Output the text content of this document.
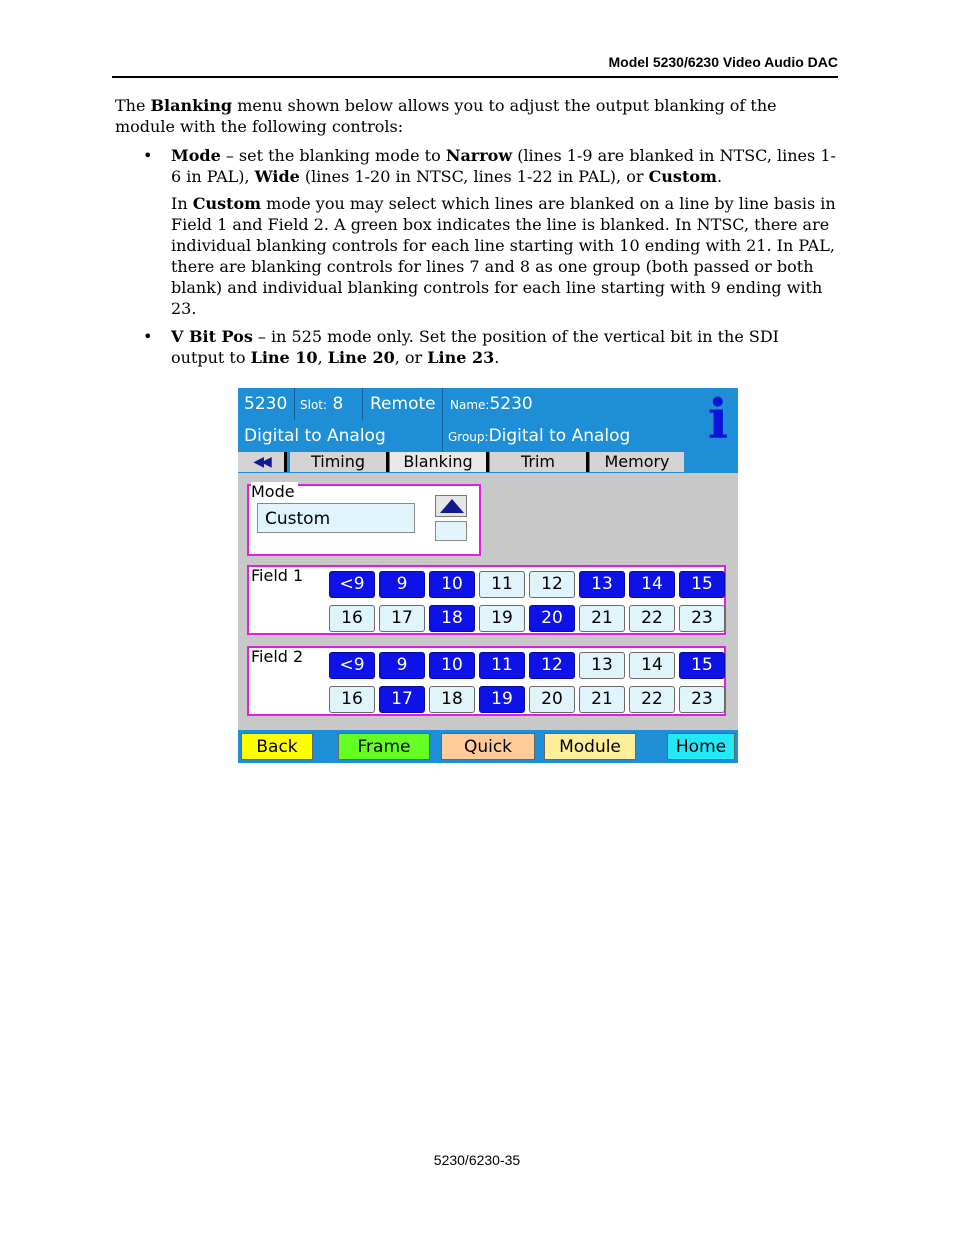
Model 5230/6230 Video Audio DAC

The Blanking menu shown below allows you to adjust the output blanking of the module with the following controls:

• Mode – set the blanking mode to Narrow (lines 1-9 are blanked in NTSC, lines 1-6 in PAL), Wide (lines 1-20 in NTSC, lines 1-22 in PAL), or Custom.

In Custom mode you may select which lines are blanked on a line by line basis in Field 1 and Field 2. A green box indicates the line is blanked. In NTSC, there are individual blanking controls for each line starting with 10 ending with 21. In PAL, there are blanking controls for lines 7 and 8 as one group (both passed or both blank) and individual blanking controls for each line starting with 9 ending with 23.

• V Bit Pos – in 525 mode only. Set the position of the vertical bit in the SDI output to Line 10, Line 20, or Line 23.

5230 Slot: 8 Remote Name:5230
Digital to Analog	Group:Digital to Analog i
◀◀	Timing	Blanking	Trim	Memory
Mode
Custom
Field 1	<9	9	10	11	12	13	14	15
16	17	18	19	20	21	22	23
Field 2	<9	9	10	11	12	13	14	15
16	17	18	19	20	21	22	23
Back	Frame	Quick	Module	Home
5230/6230-35
